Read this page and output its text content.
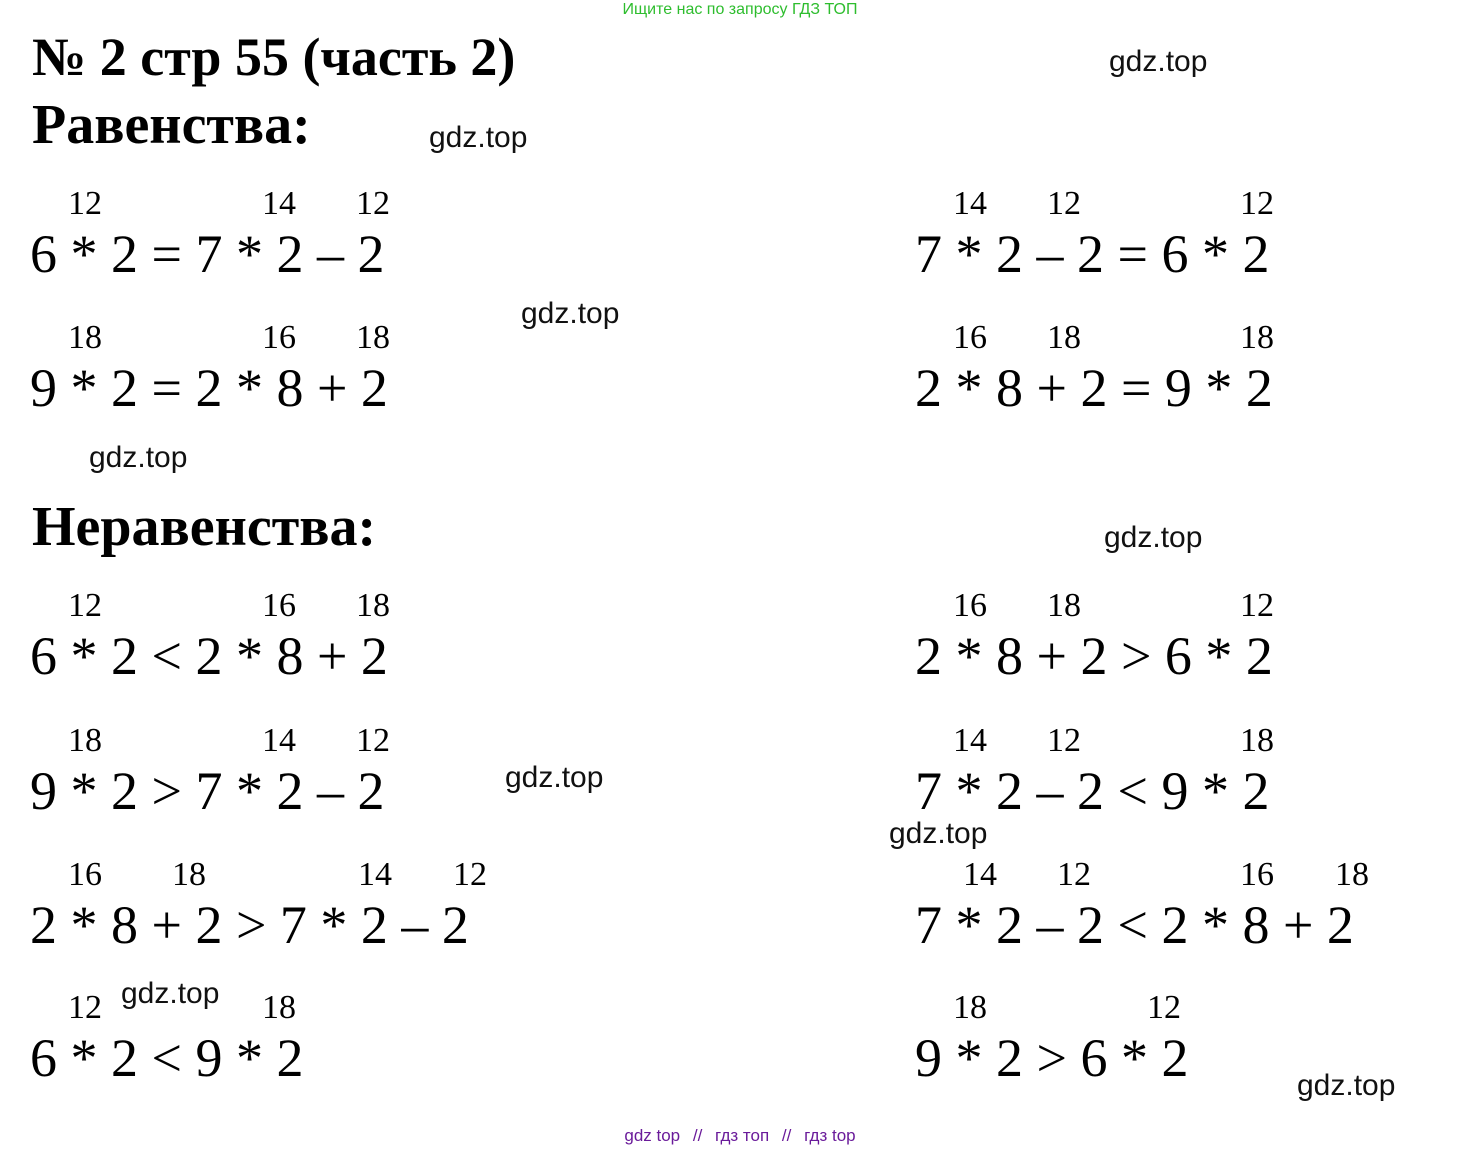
Ищите нас по запросу ГДЗ ТОП
№ 2 стр 55 (часть 2)
Равенства:
Неравенства:
12	14 12
6 * 2 = 7 * 2 – 2
14 12	12
7 * 2 – 2 = 6 * 2
18	16 18
9 * 2 = 2 * 8 + 2
16 18	18
2 * 8 + 2 = 9 * 2
12	16 18
6 * 2 < 2 * 8 + 2
16 18	12
2 * 8 + 2 > 6 * 2
18	14 12
9 * 2 > 7 * 2 – 2
14 12	18
7 * 2 – 2 < 9 * 2
16 18	14 12
2 * 8 + 2 > 7 * 2 – 2
14 12	16 18
7 * 2 – 2 < 2 * 8 + 2
12	18
6 * 2 < 9 * 2
18	12
9 * 2 > 6 * 2
gdz.top
gdz.top
gdz.top
gdz.top
gdz.top
gdz.top
gdz.top
gdz.top
gdz.top
gdz top // гдз топ // гдз top
